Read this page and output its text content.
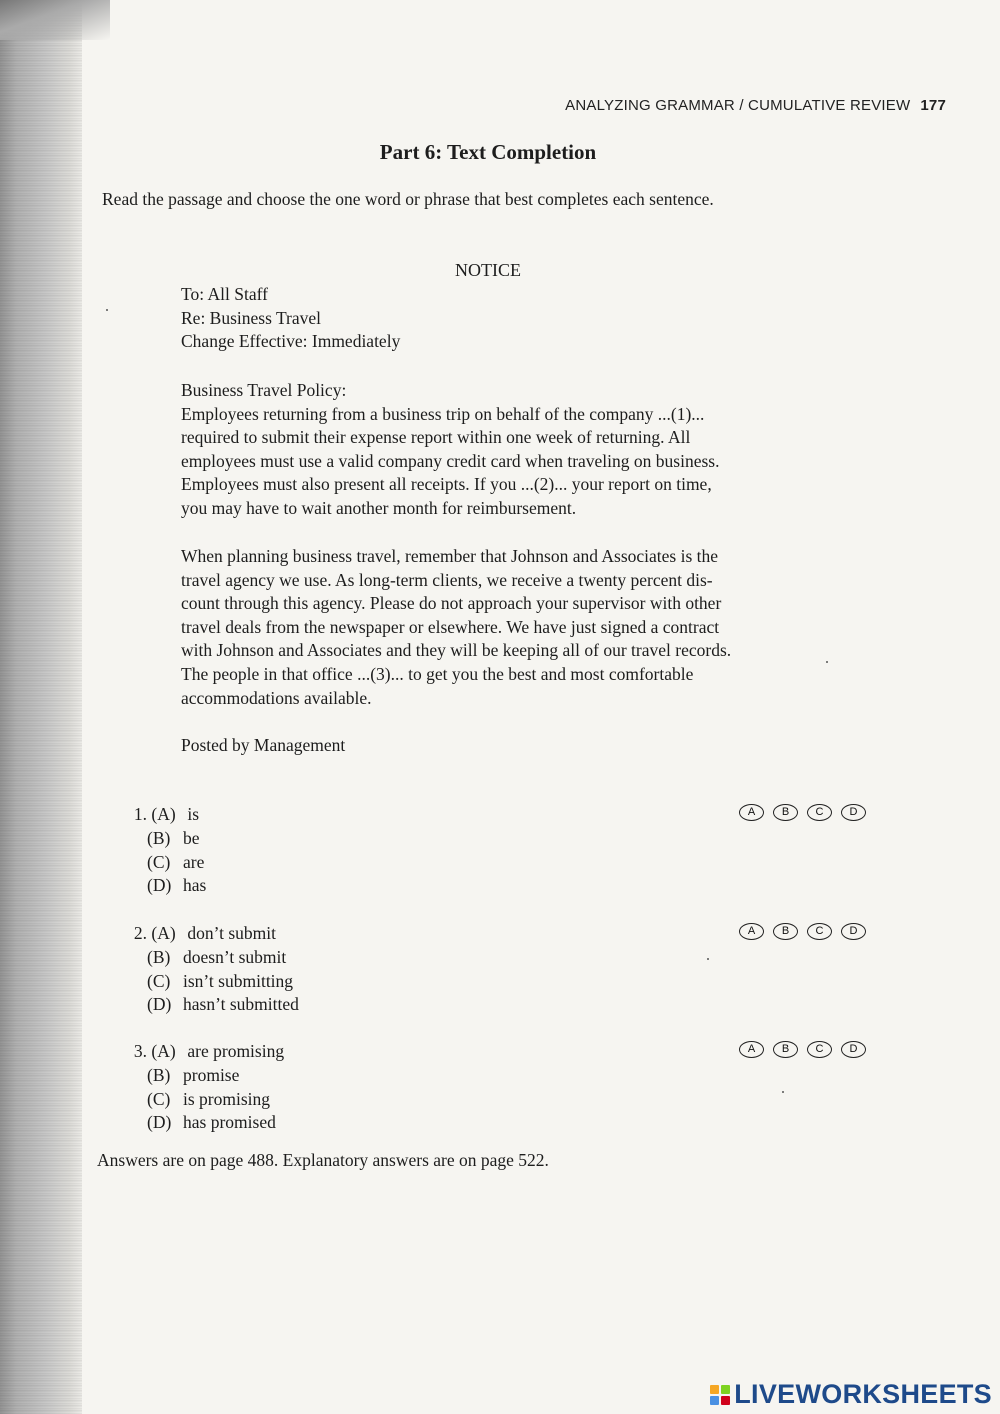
ANALYZING GRAMMAR / CUMULATIVE REVIEW 177
Part 6: Text Completion
Read the passage and choose the one word or phrase that best completes each sentence.
NOTICE
To: All Staff
Re: Business Travel
Change Effective: Immediately
Business Travel Policy:
Employees returning from a business trip on behalf of the company ...(1)...
required to submit their expense report within one week of returning. All
employees must use a valid company credit card when traveling on business.
Employees must also present all receipts. If you ...(2)... your report on time,
you may have to wait another month for reimbursement.
When planning business travel, remember that Johnson and Associates is the
travel agency we use. As long-term clients, we receive a twenty percent dis-
count through this agency. Please do not approach your supervisor with other
travel deals from the newspaper or elsewhere. We have just signed a contract
with Johnson and Associates and they will be keeping all of our travel records.
The people in that office ...(3)... to get you the best and most comfortable
accommodations available.
Posted by Management
1. (A) is
(B) be
(C) are
(D) has
A	B	C	D
2. (A) don’t submit
(B) doesn’t submit
(C) isn’t submitting
(D) hasn’t submitted
A	B	C	D
3. (A) are promising
(B) promise
(C) is promising
(D) has promised
A	B	C	D
Answers are on page 488. Explanatory answers are on page 522.
LIVEWORKSHEETS
